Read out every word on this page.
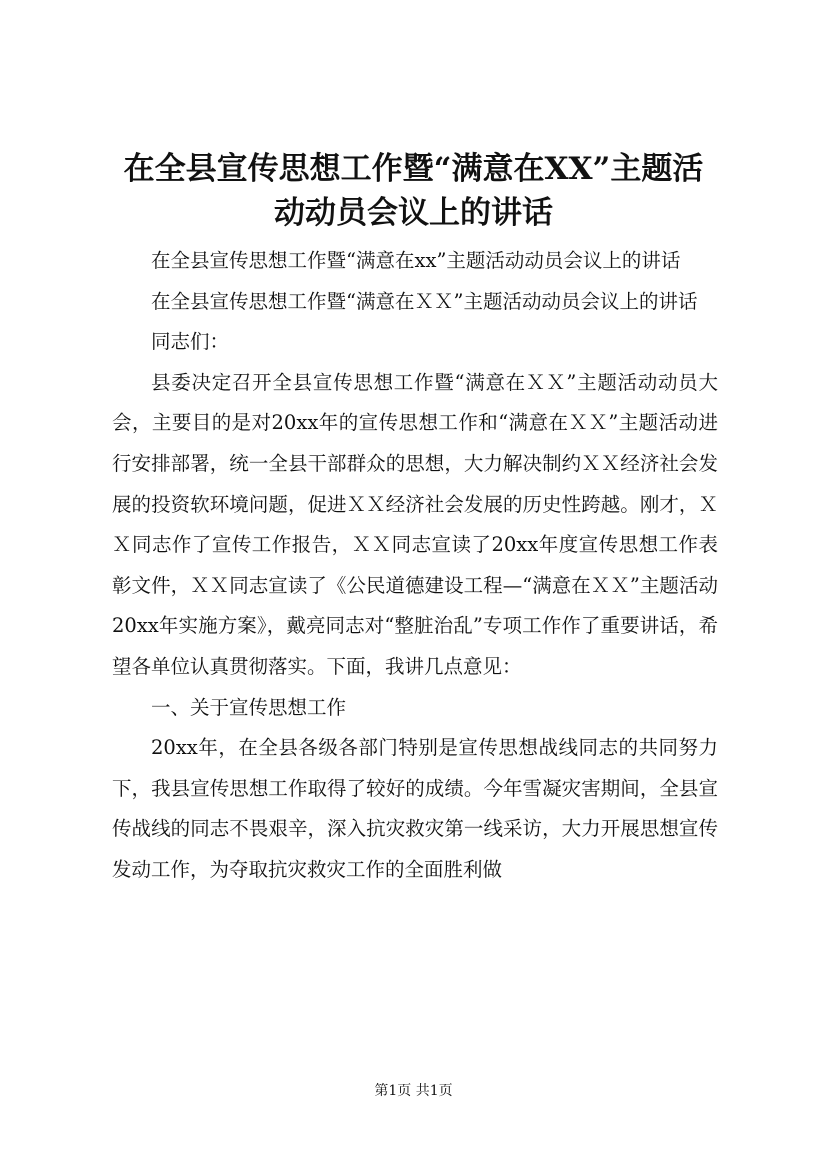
在全县宣传思想工作暨“满意在XX”主题活
动动员会议上的讲话

在全县宣传思想工作暨“满意在xx”主题活动动员会议上的讲话

在全县宣传思想工作暨“满意在ＸＸ”主题活动动员会议上的讲话

同志们：

县委决定召开全县宣传思想工作暨“满意在ＸＸ”主题活动动员大会，主要目的是对20xx年的宣传思想工作和“满意在ＸＸ”主题活动进行安排部署，统一全县干部群众的思想，大力解决制约ＸＸ经济社会发展的投资软环境问题，促进ＸＸ经济社会发展的历史性跨越。刚才，ＸＸ同志作了宣传工作报告，ＸＸ同志宣读了20xx年度宣传思想工作表彰文件，ＸＸ同志宣读了《公民道德建设工程—“满意在ＸＸ”主题活动20xx年实施方案》，戴亮同志对“整脏治乱”专项工作作了重要讲话，希望各单位认真贯彻落实。下面，我讲几点意见：

一、关于宣传思想工作

20xx年，在全县各级各部门特别是宣传思想战线同志的共同努力下，我县宣传思想工作取得了较好的成绩。今年雪凝灾害期间，全县宣传战线的同志不畏艰辛，深入抗灾救灾第一线采访，大力开展思想宣传发动工作，为夺取抗灾救灾工作的全面胜利做

第1页 共1页
